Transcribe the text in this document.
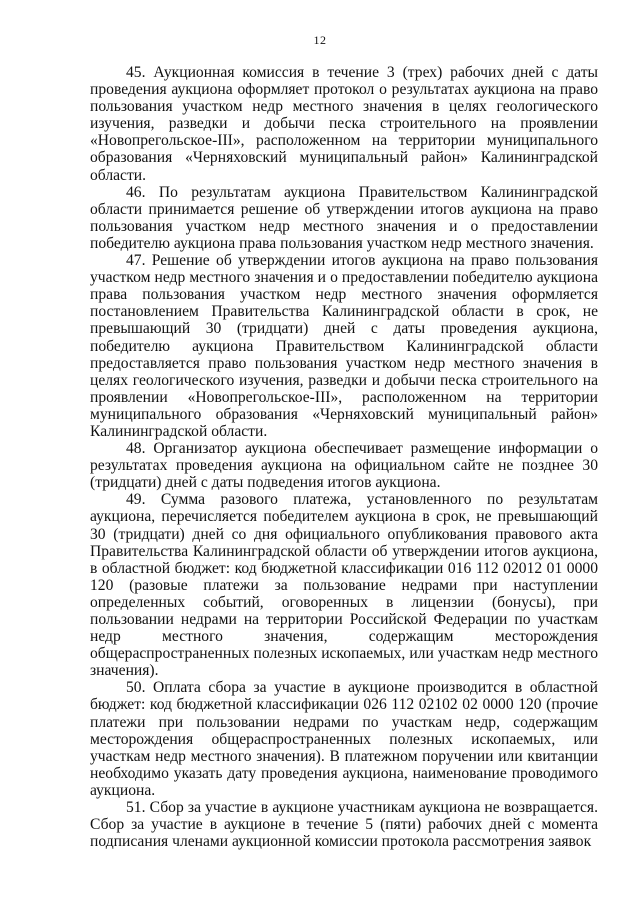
12

45. Аукционная комиссия в течение 3 (трех) рабочих дней с даты проведения аукциона оформляет протокол о результатах аукциона на право пользования участком недр местного значения в целях геологического изучения, разведки и добычи песка строительного на проявлении «Новопрегольское-III», расположенном на территории муниципального образования «Черняховский муниципальный район» Калининградской области.

46. По результатам аукциона Правительством Калининградской области принимается решение об утверждении итогов аукциона на право пользования участком недр местного значения и о предоставлении победителю аукциона права пользования участком недр местного значения.

47. Решение об утверждении итогов аукциона на право пользования участком недр местного значения и о предоставлении победителю аукциона права пользования участком недр местного значения оформляется постановлением Правительства Калининградской области в срок, не превышающий 30 (тридцати) дней с даты проведения аукциона, победителю аукциона Правительством Калининградской области предоставляется право пользования участком недр местного значения в целях геологического изучения, разведки и добычи песка строительного на проявлении «Новопрегольское-III», расположенном на территории муниципального образования «Черняховский муниципальный район» Калининградской области.

48. Организатор аукциона обеспечивает размещение информации о результатах проведения аукциона на официальном сайте не позднее 30 (тридцати) дней с даты подведения итогов аукциона.

49. Сумма разового платежа, установленного по результатам аукциона, перечисляется победителем аукциона в срок, не превышающий 30 (тридцати) дней со дня официального опубликования правового акта Правительства Калининградской области об утверждении итогов аукциона, в областной бюджет: код бюджетной классификации 016 112 02012 01 0000 120 (разовые платежи за пользование недрами при наступлении определенных событий, оговоренных в лицензии (бонусы), при пользовании недрами на территории Российской Федерации по участкам недр местного значения, содержащим месторождения общераспространенных полезных ископаемых, или участкам недр местного значения).

50. Оплата сбора за участие в аукционе производится в областной бюджет: код бюджетной классификации 026 112 02102 02 0000 120 (прочие платежи при пользовании недрами по участкам недр, содержащим месторождения общераспространенных полезных ископаемых, или участкам недр местного значения). В платежном поручении или квитанции необходимо указать дату проведения аукциона, наименование проводимого аукциона.

51. Сбор за участие в аукционе участникам аукциона не возвращается. Сбор за участие в аукционе в течение 5 (пяти) рабочих дней с момента подписания членами аукционной комиссии протокола рассмотрения заявок
